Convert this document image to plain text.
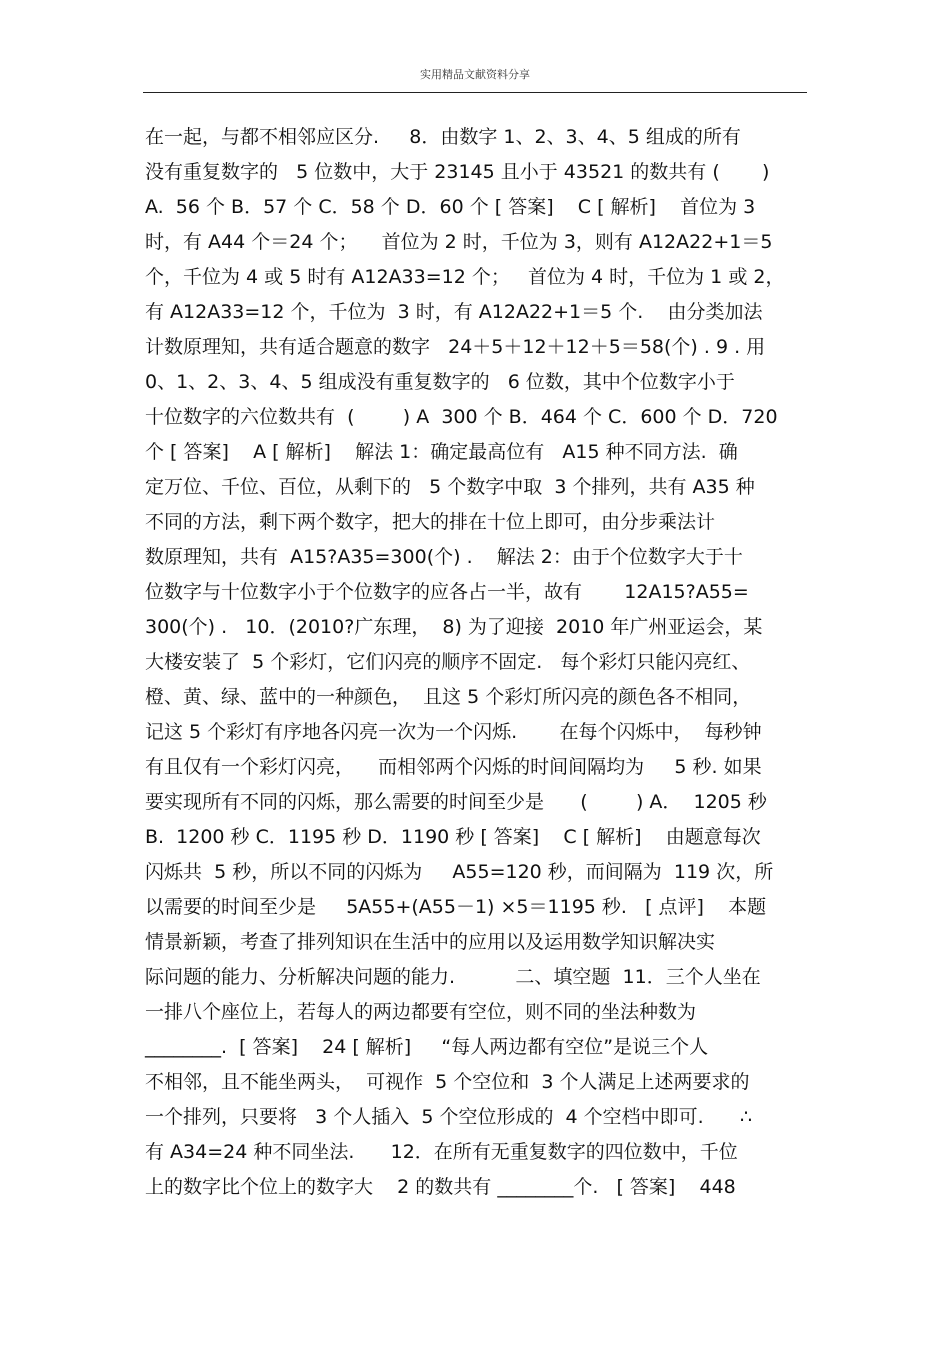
实用精品文献资料分享
在一起，与都不相邻应区分.     8．由数字 1、2、3、4、5 组成的所有
没有重复数字的   5 位数中，大于 23145 且小于 43521 的数共有 (       )
A.  56 个 B．57 个 C．58 个 D．60 个 [ 答案]    C [ 解析]    首位为 3
时，有 A44 个＝24 个；    首位为 2 时，千位为 3，则有 A12A22+1＝5
个，千位为 4 或 5 时有 A12A33=12 个；   首位为 4 时，千位为 1 或 2，
有 A12A33=12 个，千位为  3 时，有 A12A22+1＝5 个.    由分类加法
计数原理知，共有适合题意的数字   24＋5＋12＋12＋5＝58(个) . 9 . 用
0、1、2、3、4、5 组成没有重复数字的   6 位数，其中个位数字小于
十位数字的六位数共有  (        ) A  300 个 B．464 个 C．600 个 D．720
个 [ 答案]    A [ 解析]    解法 1：确定最高位有   A15 种不同方法.  确
定万位、千位、百位，从剩下的   5 个数字中取  3 个排列，共有 A35 种
不同的方法，剩下两个数字，把大的排在十位上即可，由分步乘法计
数原理知，共有  A15?A35=300(个) .    解法 2：由于个位数字大于十
位数字与十位数字小于个位数字的应各占一半，故有       12A15?A55=
300(个) .   10．(2010?广东理，  8) 为了迎接  2010 年广州亚运会，某
大楼安装了  5 个彩灯，它们闪亮的顺序不固定.   每个彩灯只能闪亮红、
橙、黄、绿、蓝中的一种颜色，  且这 5 个彩灯所闪亮的颜色各不相同，
记这 5 个彩灯有序地各闪亮一次为一个闪烁.       在每个闪烁中，  每秒钟
有且仅有一个彩灯闪亮，    而相邻两个闪烁的时间间隔均为     5 秒. 如果
要实现所有不同的闪烁，那么需要的时间至少是      (        ) A．  1205 秒
B.  1200 秒 C．1195 秒 D．1190 秒 [ 答案]    C [ 解析]    由题意每次
闪烁共  5 秒，所以不同的闪烁为     A55=120 秒，而间隔为  119 次，所
以需要的时间至少是     5A55+(A55－1) ×5＝1195 秒.   [ 点评]    本题
情景新颖，考查了排列知识在生活中的应用以及运用数学知识解决实
际问题的能力、分析解决问题的能力.          二、填空题  11．三个人坐在
一排八个座位上，若每人的两边都要有空位，则不同的坐法种数为
________.  [ 答案]    24 [ 解析]     “每人两边都有空位”是说三个人
不相邻，且不能坐两头，  可视作  5 个空位和  3 个人满足上述两要求的
一个排列，只要将   3 个人插入  5 个空位形成的  4 个空档中即可.      ∴
有 A34=24 种不同坐法.      12．在所有无重复数字的四位数中，千位
上的数字比个位上的数字大    2 的数共有 ________个.   [ 答案]    448
